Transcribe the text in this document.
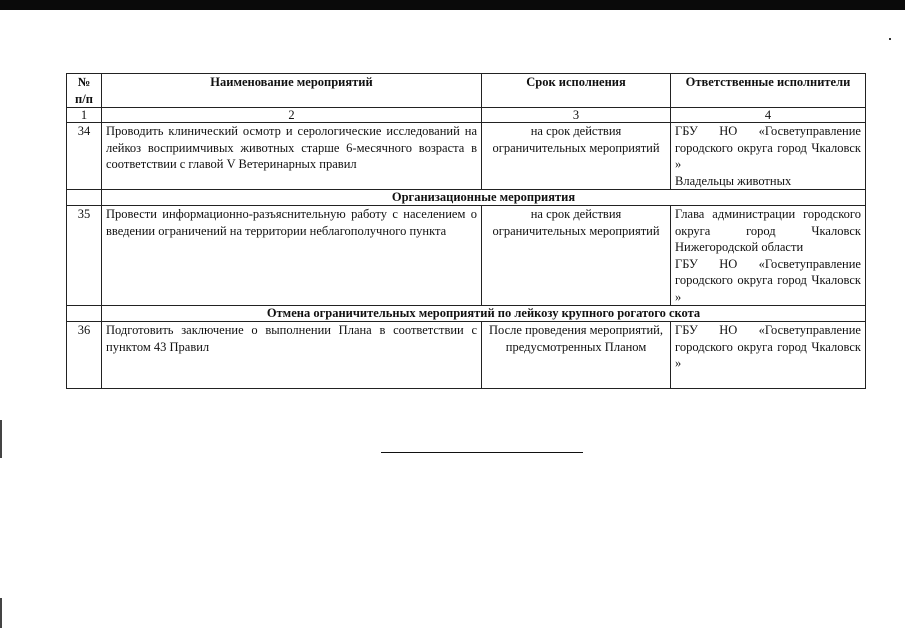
№ п/п	Наименование мероприятий	Срок исполнения	Ответственные исполнители
1	2	3	4
34	Проводить клинический осмотр и серологические исследований на лейкоз восприимчивых животных старше 6-месячного возраста в соответствии с главой V Ветеринарных правил	на срок действия ограничительных мероприятий	ГБУ НО «Госветуправление городского округа город Чкаловск »
Владельцы животных

	Организационные мероприятия		
35	Провести информационно-разъяснительную работу с населением о введении ограничений на территории неблагополучного пункта	на срок действия ограничительных мероприятий	Глава администрации городского округа город Чкаловск Нижегородской области
ГБУ НО «Госветуправление городского округа город Чкаловск »

	Отмена ограничительных мероприятий по лейкозу крупного рогатого скота		
36	Подготовить заключение о выполнении Плана в соответствии с пунктом 43 Правил	После проведения мероприятий, предусмотренных Планом	ГБУ НО «Госветуправление городского округа город Чкаловск »
